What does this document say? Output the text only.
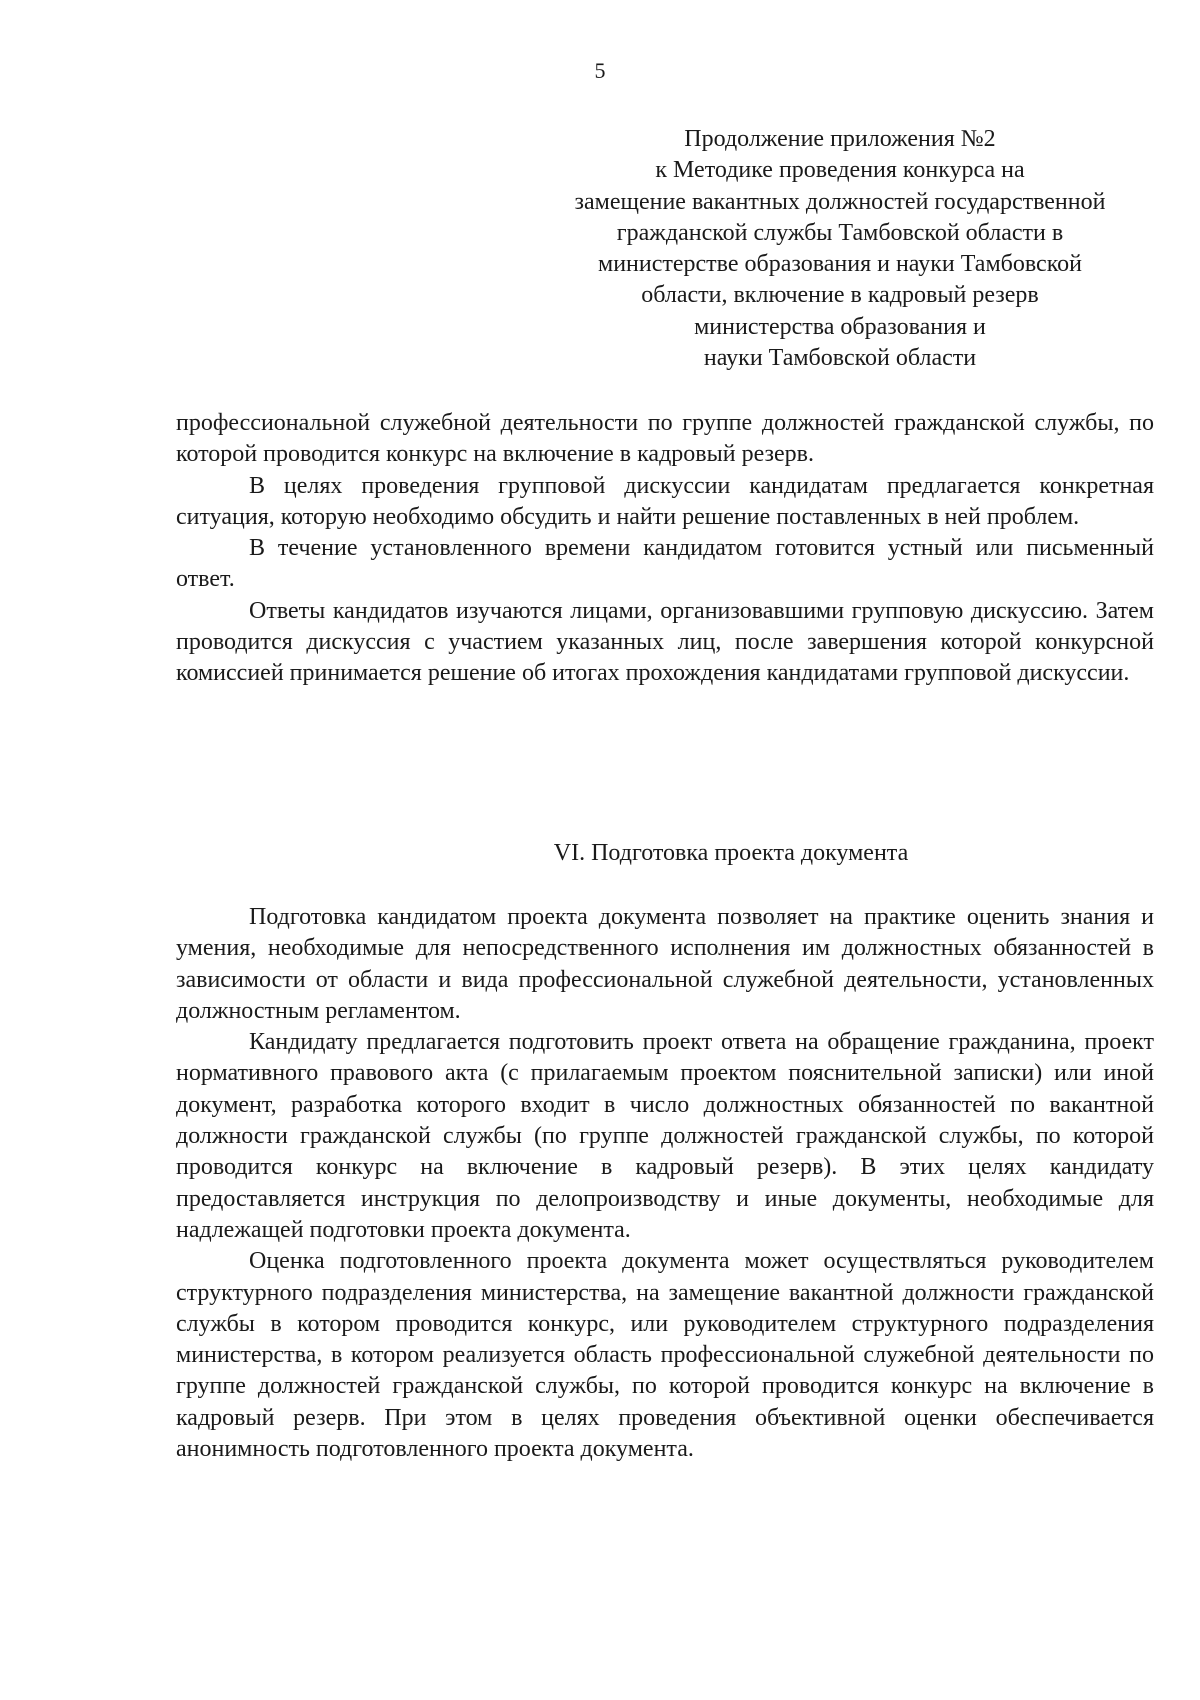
5
Продолжение приложения №2
к Методике проведения конкурса на
замещение вакантных должностей государственной
гражданской службы Тамбовской области в
министерстве образования и науки Тамбовской
области, включение в кадровый резерв
министерства образования и
науки Тамбовской области

профессиональной служебной деятельности по группе должностей гражданской службы, по которой проводится конкурс на включение в кадровый резерв.

В целях проведения групповой дискуссии кандидатам предлагается конкретная ситуация, которую необходимо обсудить и найти решение поставленных в ней проблем.

В течение установленного времени кандидатом готовится устный или письменный ответ.

Ответы кандидатов изучаются лицами, организовавшими групповую дискуссию. Затем проводится дискуссия с участием указанных лиц, после завершения которой конкурсной комиссией принимается решение об итогах прохождения кандидатами групповой дискуссии.

VI. Подготовка проекта документа

Подготовка кандидатом проекта документа позволяет на практике оценить знания и умения, необходимые для непосредственного исполнения им должностных обязанностей в зависимости от области и вида профессиональной служебной деятельности, установленных должностным регламентом.

Кандидату предлагается подготовить проект ответа на обращение гражданина, проект нормативного правового акта (с прилагаемым проектом пояснительной записки) или иной документ, разработка которого входит в число должностных обязанностей по вакантной должности гражданской службы (по группе должностей гражданской службы, по которой проводится конкурс на включение в кадровый резерв). В этих целях кандидату предоставляется инструкция по делопроизводству и иные документы, необходимые для надлежащей подготовки проекта документа.

Оценка подготовленного проекта документа может осуществляться руководителем структурного подразделения министерства, на замещение вакантной должности гражданской службы в котором проводится конкурс, или руководителем структурного подразделения министерства, в котором реализуется область профессиональной служебной деятельности по группе должностей гражданской службы, по которой проводится конкурс на включение в кадровый резерв. При этом в целях проведения объективной оценки обеспечивается анонимность подготовленного проекта документа.
